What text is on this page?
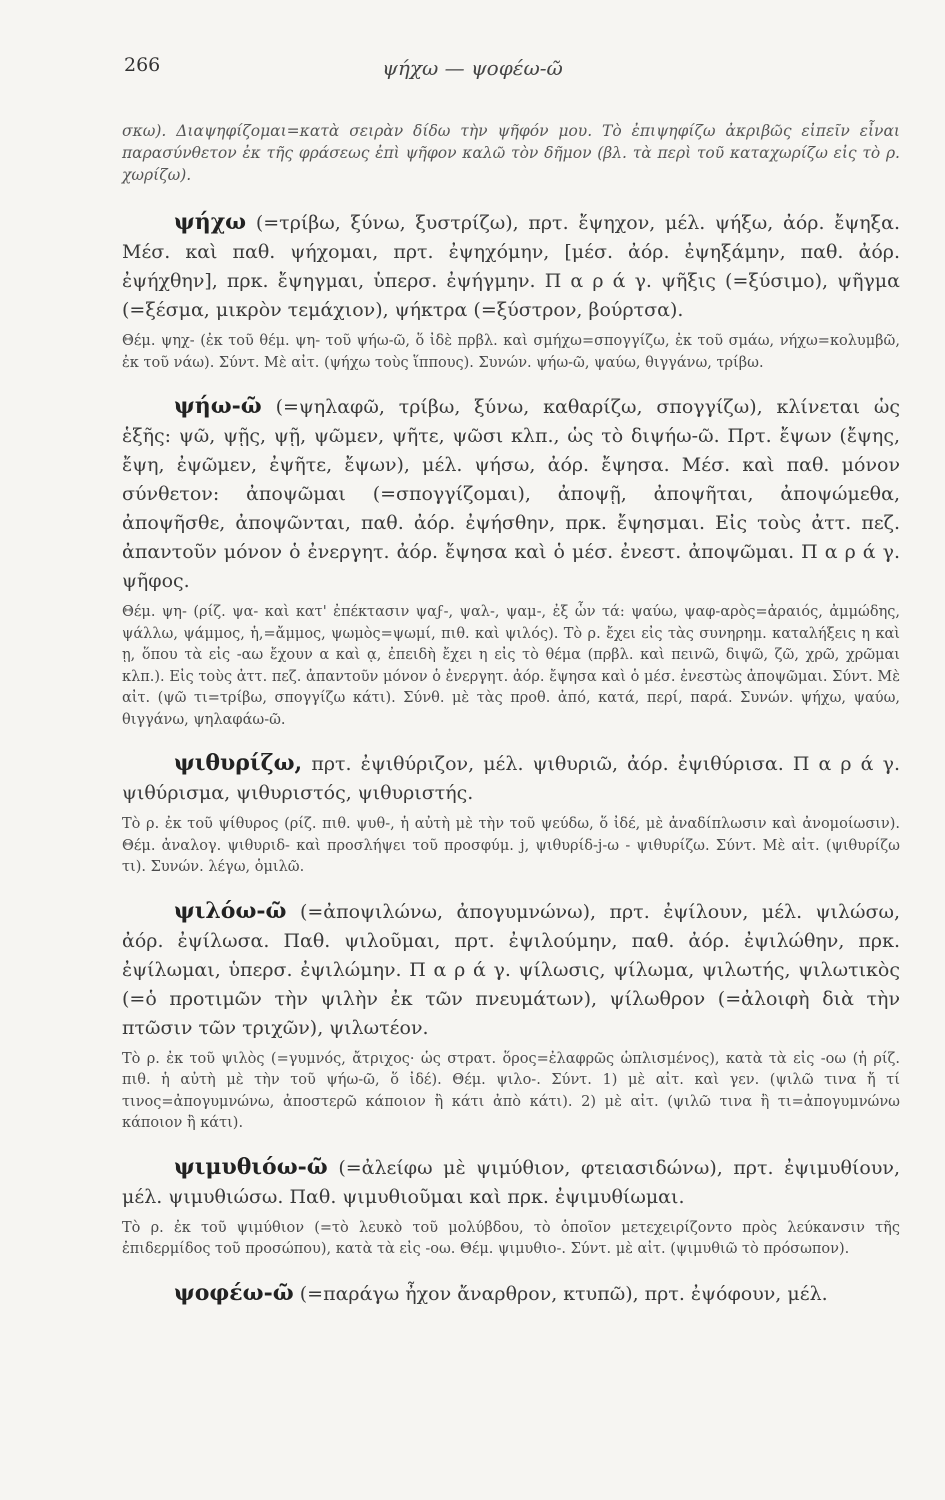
266	ψήχω — ψοφέω-ῶ

σκω). Διαψηφίζομαι=κατὰ σειρὰν δίδω τὴν ψῆφόν μου. Τὸ ἐπιψηφίζω ἀκριβῶς εἰπεῖν εἶναι παρασύνθετον ἐκ τῆς φράσεως ἐπὶ ψῆφον καλῶ τὸν δῆμον (βλ. τὰ περὶ τοῦ καταχωρίζω εἰς τὸ ρ. χωρίζω).

ψήχω (=τρίβω, ξύνω, ξυστρίζω), πρτ. ἔψηχον, μέλ. ψήξω, ἀόρ. ἔψηξα. Μέσ. καὶ παθ. ψήχομαι, πρτ. ἐψηχόμην, [μέσ. ἀόρ. ἐψηξάμην, παθ. ἀόρ. ἐψήχθην], πρκ. ἔψηγμαι, ὑπερσ. ἐψήγμην. Π α ρ ά γ. ψῆξις (=ξύσιμο), ψῆγμα (=ξέσμα, μικρὸν τεμάχιον), ψήκτρα (=ξύστρον, βούρτσα).

Θέμ. ψηχ- (ἐκ τοῦ θέμ. ψη- τοῦ ψήω-ῶ, ὅ ἰδὲ πρβλ. καὶ σμήχω=σπογγίζω, ἐκ τοῦ σμάω, νήχω=κολυμβῶ, ἐκ τοῦ νάω). Σύντ. Μὲ αἰτ. (ψήχω τοὺς ἵππους). Συνών. ψήω-ῶ, ψαύω, θιγγάνω, τρίβω.

ψήω-ῶ (=ψηλαφῶ, τρίβω, ξύνω, καθαρίζω, σπογγίζω), κλίνεται ὡς ἑξῆς: ψῶ, ψῇς, ψῇ, ψῶμεν, ψῆτε, ψῶσι κλπ., ὡς τὸ διψήω-ῶ. Πρτ. ἔψων (ἔψης, ἔψη, ἐψῶμεν, ἐψῆτε, ἔψων), μέλ. ψήσω, ἀόρ. ἔψησα. Μέσ. καὶ παθ. μόνον σύνθετον: ἀποψῶμαι (=σπογγίζομαι), ἀποψῇ, ἀποψῆται, ἀποψώμεθα, ἀποψῆσθε, ἀποψῶνται, παθ. ἀόρ. ἐψήσθην, πρκ. ἔψησμαι. Εἰς τοὺς ἀττ. πεζ. ἀπαντοῦν μόνον ὁ ἐνεργητ. ἀόρ. ἔψησα καὶ ὁ μέσ. ἐνεστ. ἀποψῶμαι. Π α ρ ά γ. ψῆφος.

Θέμ. ψη- (ρίζ. ψα- καὶ κατ' ἐπέκτασιν ψαϝ-, ψαλ-, ψαμ-, ἐξ ὧν τά: ψαύω, ψαφ-αρὸς=ἀραιός, ἀμμώδης, ψάλλω, ψάμμος, ἡ,=ἄμμος, ψωμὸς=ψωμί, πιθ. καὶ ψιλός). Τὸ ρ. ἔχει εἰς τὰς συνηρημ. καταλήξεις η καὶ ῃ, ὅπου τὰ εἰς -αω ἔχουν α καὶ ᾳ, ἐπειδὴ ἔχει η εἰς τὸ θέμα (πρβλ. καὶ πεινῶ, διψῶ, ζῶ, χρῶ, χρῶμαι κλπ.). Εἰς τοὺς ἀττ. πεζ. ἀπαντοῦν μόνον ὁ ἐνεργητ. ἀόρ. ἔψησα καὶ ὁ μέσ. ἐνεστὼς ἀποψῶμαι. Σύντ. Μὲ αἰτ. (ψῶ τι=τρίβω, σπογγίζω κάτι). Σύνθ. μὲ τὰς προθ. ἀπό, κατά, περί, παρά. Συνών. ψήχω, ψαύω, θιγγάνω, ψηλαφάω-ῶ.

ψιθυρίζω, πρτ. ἐψιθύριζον, μέλ. ψιθυριῶ, ἀόρ. ἐψιθύρισα. Π α ρ ά γ. ψιθύρισμα, ψιθυριστός, ψιθυριστής.

Τὸ ρ. ἐκ τοῦ ψίθυρος (ρίζ. πιθ. ψυθ-, ἡ αὐτὴ μὲ τὴν τοῦ ψεύδω, ὅ ἰδέ, μὲ ἀναδίπλωσιν καὶ ἀνομοίωσιν). Θέμ. ἀναλογ. ψιθυριδ- καὶ προσλήψει τοῦ προσφύμ. j, ψιθυρίδ-j-ω - ψιθυρίζω. Σύντ. Μὲ αἰτ. (ψιθυρίζω τι). Συνών. λέγω, ὁμιλῶ.

ψιλόω-ῶ (=ἀποψιλώνω, ἀπογυμνώνω), πρτ. ἐψίλουν, μέλ. ψιλώσω, ἀόρ. ἐψίλωσα. Παθ. ψιλοῦμαι, πρτ. ἐψιλούμην, παθ. ἀόρ. ἐψιλώθην, πρκ. ἐψίλωμαι, ὑπερσ. ἐψιλώμην. Π α ρ ά γ. ψίλωσις, ψίλωμα, ψιλωτής, ψιλωτικὸς (=ὁ προτιμῶν τὴν ψιλὴν ἐκ τῶν πνευμάτων), ψίλωθρον (=ἀλοιφὴ διὰ τὴν πτῶσιν τῶν τριχῶν), ψιλωτέον.

Τὸ ρ. ἐκ τοῦ ψιλὸς (=γυμνός, ἄτριχος· ὡς στρατ. ὅρος=ἐλαφρῶς ὡπλισμένος), κατὰ τὰ εἰς -οω (ἡ ρίζ. πιθ. ἡ αὐτὴ μὲ τὴν τοῦ ψήω-ῶ, ὅ ἰδέ). Θέμ. ψιλο-. Σύντ. 1) μὲ αἰτ. καὶ γεν. (ψιλῶ τινα ἤ τί τινος=ἀπογυμνώνω, ἀποστερῶ κάποιον ἢ κάτι ἀπὸ κάτι). 2) μὲ αἰτ. (ψιλῶ τινα ἢ τι=ἀπογυμνώνω κάποιον ἢ κάτι).

ψιμυθιόω-ῶ (=ἀλείφω μὲ ψιμύθιον, φτειασιδώνω), πρτ. ἐψιμυθίουν, μέλ. ψιμυθιώσω. Παθ. ψιμυθιοῦμαι καὶ πρκ. ἐψιμυθίωμαι.

Τὸ ρ. ἐκ τοῦ ψιμύθιον (=τὸ λευκὸ τοῦ μολύβδου, τὸ ὁποῖον μετεχειρίζοντο πρὸς λεύκανσιν τῆς ἐπιδερμίδος τοῦ προσώπου), κατὰ τὰ εἰς -οω. Θέμ. ψιμυθιο-. Σύντ. μὲ αἰτ. (ψιμυθιῶ τὸ πρόσωπον).

ψοφέω-ῶ (=παράγω ἦχον ἄναρθρον, κτυπῶ), πρτ. ἐψόφουν, μέλ.
